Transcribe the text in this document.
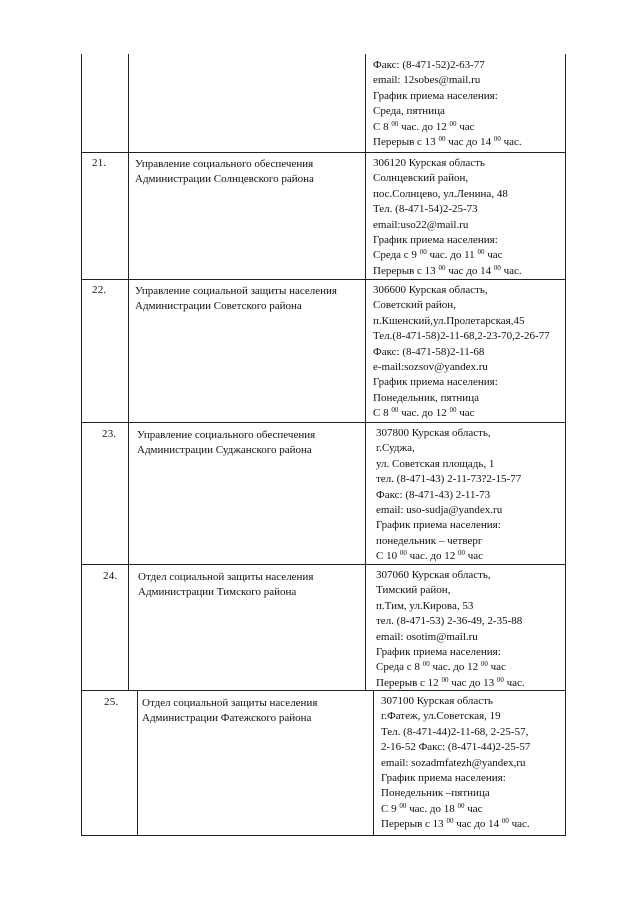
Факс: (8-471-52)2-63-77
email: 12sobes@mail.ru
График приема населения:
Среда, пятница
С 8 $^{00}$ час. до 12 $^{00}$ час
Перерыв с 13 $^{00}$ час до 14 $^{00}$ час.
21.	Управление социального обеспечения
Администрации Солнцевского района
306120 Курская область
Солнцевский район,
пос.Солнцево, ул.Ленина, 48
Тел. (8-471-54)2-25-73
email:uso22@mail.ru
График приема населения:
Среда с 9 $^{00}$ час. до 11 $^{00}$ час
Перерыв с 13 $^{00}$ час до 14 $^{00}$ час.
22.	Управление социальной защиты населения
Администрации Советского района
306600 Курская область,
Советский район,
п.Кшенский,ул.Пролетарская,45
Тел.(8-471-58)2-11-68,2-23-70,2-26-77
Факс: (8-471-58)2-11-68
e-mail:sozsov@yandex.ru
График приема населения:
Понедельник, пятница
С 8 $^{00}$ час. до 12 $^{00}$ час
23. Управление социального обеспечения
Администрации Суджанского района
307800 Курская область,
г.Суджа,
ул. Советская площадь, 1
тел. (8-471-43) 2-11-73?2-15-77
Факс: (8-471-43) 2-11-73
email: uso-sudja@yandex.ru
График приема населения:
понедельник – четверг
С 10 $^{00}$ час. до 12 $^{00}$ час
24. Отдел социальной защиты населения
Администрации Тимского района
307060 Курская область,
Тимский район,
п.Тим, ул.Кирова, 53
тел. (8-471-53) 2-36-49, 2-35-88
email: osotim@mail.ru
График приема населения:
Среда с 8 $^{00}$ час. до 12 $^{00}$ час
Перерыв с 12 $^{00}$ час до 13 $^{00}$ час.
25. Отдел социальной защиты населения
Администрации Фатежского района
307100 Курская область
г.Фатеж, ул.Советская, 19
Тел. (8-471-44)2-11-68, 2-25-57,
2-16-52 Факс: (8-471-44)2-25-57
email: sozadmfatezh@yandex,ru
График приема населения:
Понедельник –пятница
С 9 $^{00}$ час. до 18 $^{00}$ час
Перерыв с 13 $^{00}$ час до 14 $^{00}$ час.
